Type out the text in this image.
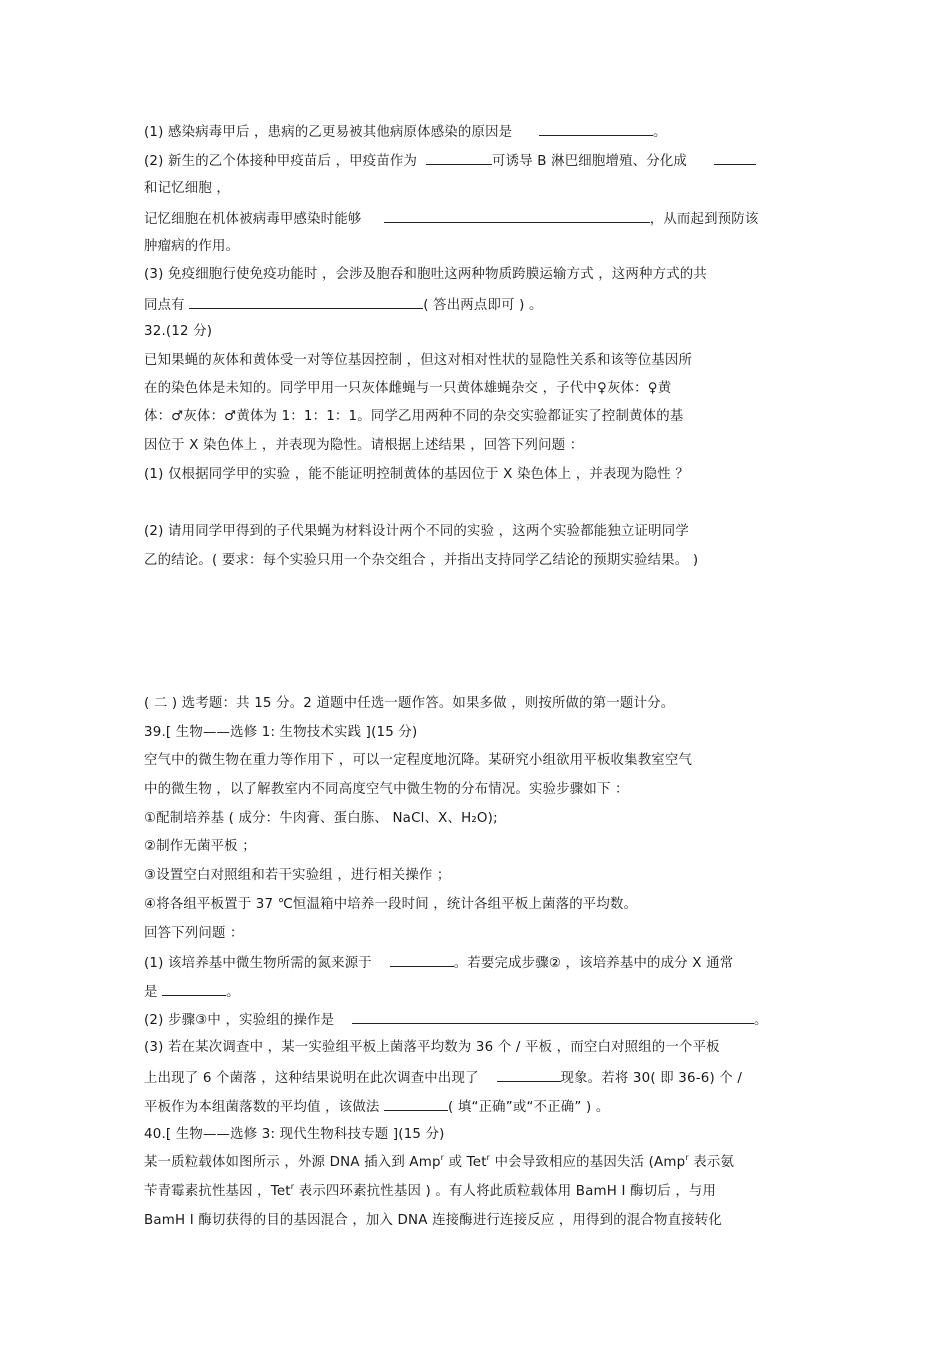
(1) 感染病毒甲后 ，患病的乙更易被其他病原体感染的原因是	。
(2) 新生的乙个体接种甲疫苗后 ，甲疫苗作为	可诱导 B 淋巴细胞增殖、分化成
和记忆细胞 ，
记忆细胞在机体被病毒甲感染时能够	，从而起到预防该
肿瘤病的作用。
(3) 免疫细胞行使免疫功能时 ，会涉及胞吞和胞吐这两种物质跨膜运输方式 ，这两种方式的共
同点有	( 答出两点即可 ) 。
32.(12 分)
已知果蝇的灰体和黄体受一对等位基因控制 ，但这对相对性状的显隐性关系和该等位基因所
在的染色体是未知的。同学甲用一只灰体雌蝇与一只黄体雄蝇杂交 ，子代中♀灰体：♀黄
体：♂灰体：♂黄体为 1：1：1：1。同学乙用两种不同的杂交实验都证实了控制黄体的基
因位于 X 染色体上 ，并表现为隐性。请根据上述结果 ，回答下列问题 ：
(1) 仅根据同学甲的实验 ，能不能证明控制黄体的基因位于 X 染色体上 ，并表现为隐性 ？
(2) 请用同学甲得到的子代果蝇为材料设计两个不同的实验 ，这两个实验都能独立证明同学
乙的结论。( 要求：每个实验只用一个杂交组合 ，并指出支持同学乙结论的预期实验结果。 )
( 二 ) 选考题：共 15 分。2 道题中任选一题作答。如果多做 ，则按所做的第一题计分。
39.[ 生物——选修 1: 生物技术实践 ](15 分)
空气中的微生物在重力等作用下 ，可以一定程度地沉降。某研究小组欲用平板收集教室空气
中的微生物 ，以了解教室内不同高度空气中微生物的分布情况。实验步骤如下 ：
①配制培养基 ( 成分：牛肉膏、蛋白胨、 NaCl、X、H₂O);
②制作无菌平板 ；
③设置空白对照组和若干实验组 ，进行相关操作 ；
④将各组平板置于 37 ℃恒温箱中培养一段时间 ，统计各组平板上菌落的平均数。
回答下列问题 ：
(1) 该培养基中微生物所需的氮来源于	。若要完成步骤② ，该培养基中的成分 X 通常
是	。
(2) 步骤③中 ，实验组的操作是	。
(3) 若在某次调查中 ，某一实验组平板上菌落平均数为 36 个 / 平板 ，而空白对照组的一个平板
上出现了 6 个菌落 ，这种结果说明在此次调查中出现了	现象。若将 30( 即 36-6) 个 /
平板作为本组菌落数的平均值 ，该做法	( 填“正确”或“不正确” ) 。
40.[ 生物——选修 3: 现代生物科技专题 ](15 分)
某一质粒载体如图所示 ，外源 DNA 插入到 Amp$^r$ 或 Tet$^r$ 中会导致相应的基因失活 (Amp$^r$ 表示氨
苄青霉素抗性基因 ，Tet$^r$ 表示四环素抗性基因 ) 。有人将此质粒载体用 BamH Ⅰ 酶切后 ，与用
BamH Ⅰ 酶切获得的目的基因混合 ，加入 DNA 连接酶进行连接反应 ，用得到的混合物直接转化
